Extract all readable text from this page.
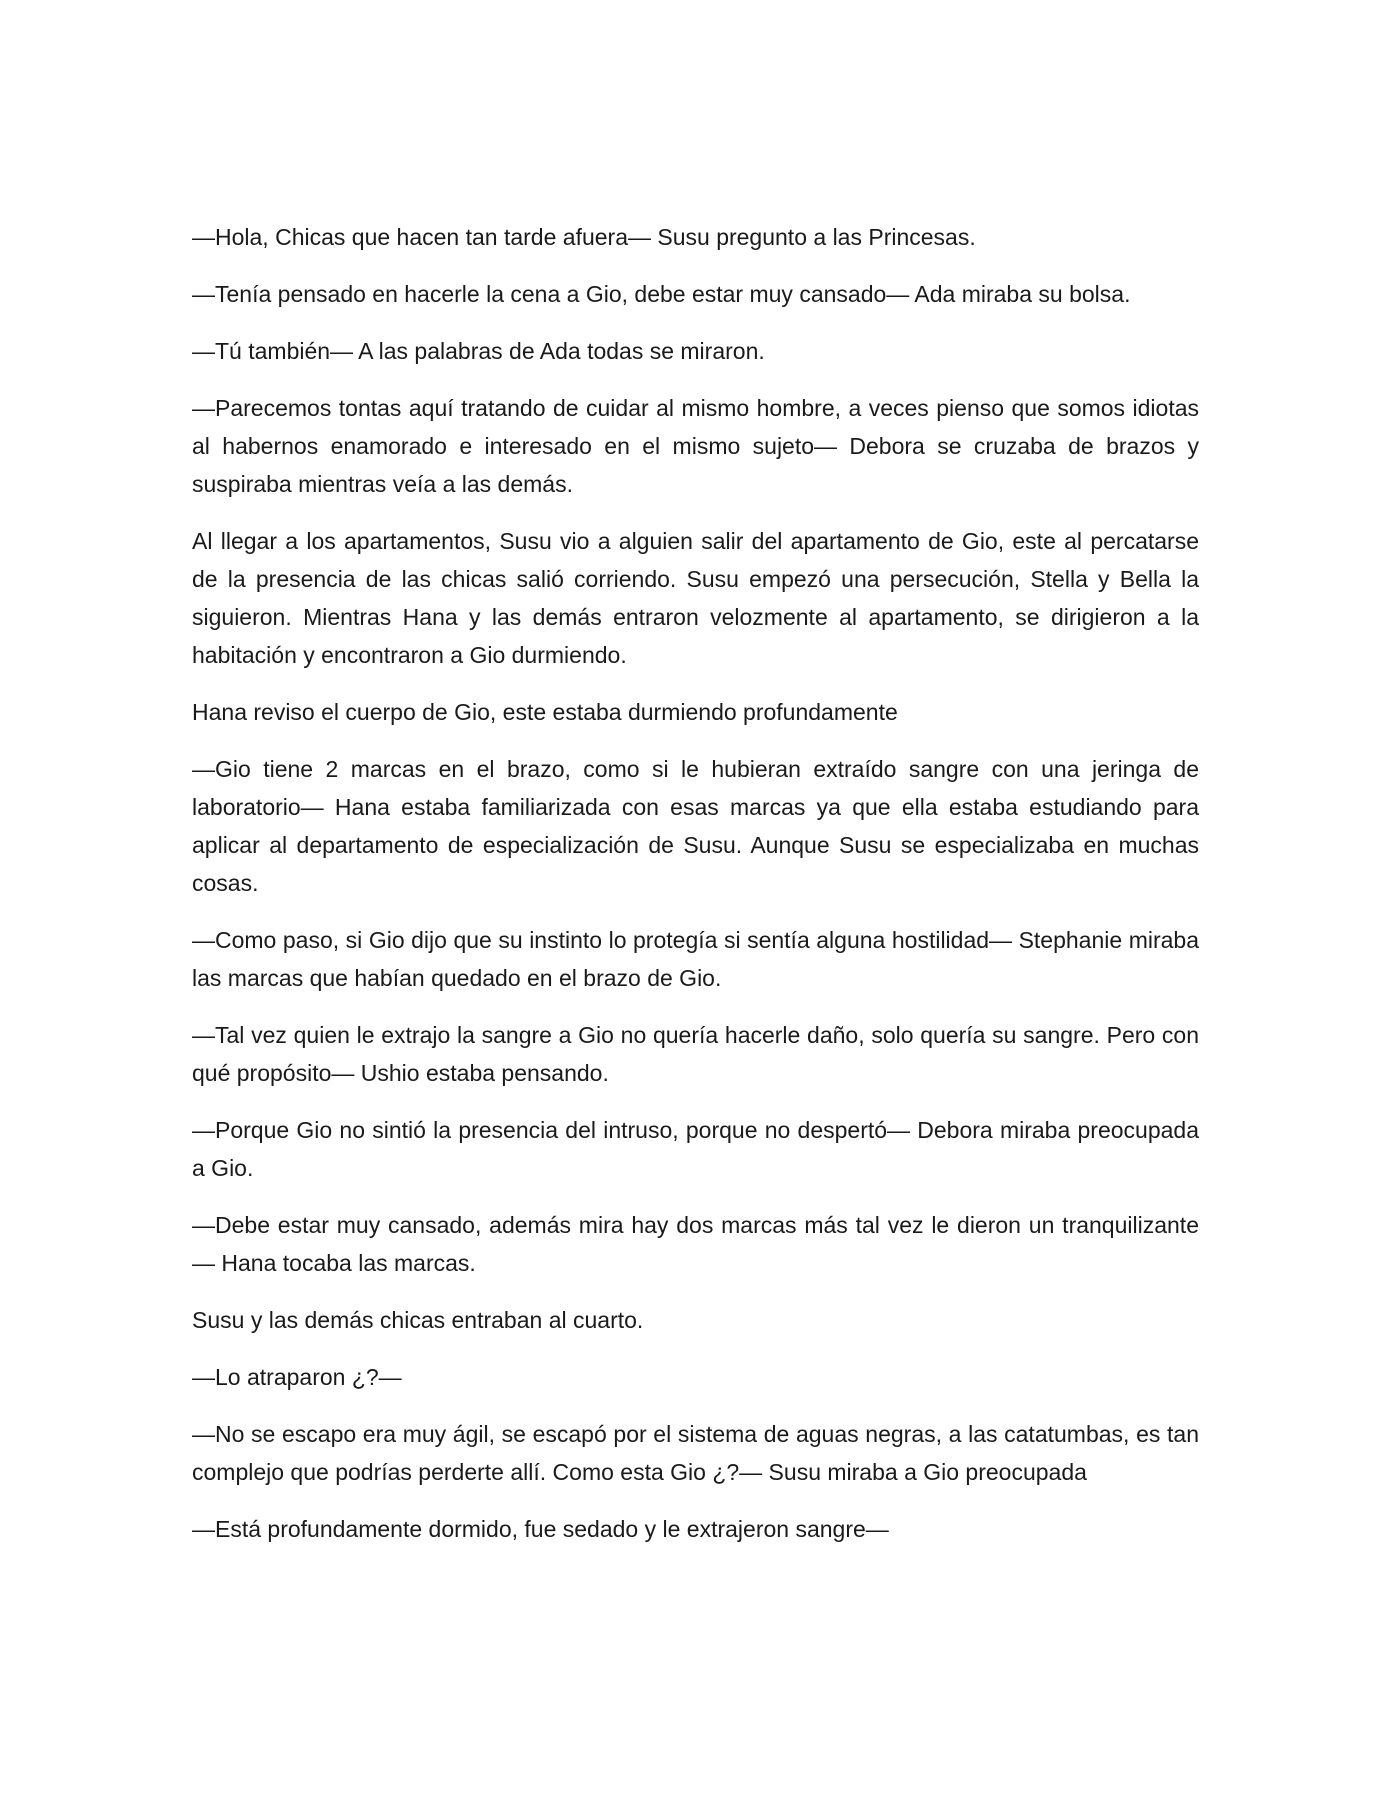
—Hola, Chicas que hacen tan tarde afuera— Susu pregunto a las Princesas.

—Tenía pensado en hacerle la cena a Gio, debe estar muy cansado— Ada miraba su bolsa.

—Tú también— A las palabras de Ada todas se miraron.

—Parecemos tontas aquí tratando de cuidar al mismo hombre, a veces pienso que somos idiotas al habernos enamorado e interesado en el mismo sujeto— Debora se cruzaba de brazos y suspiraba mientras veía a las demás.

Al llegar a los apartamentos, Susu vio a alguien salir del apartamento de Gio, este al percatarse de la presencia de las chicas salió corriendo. Susu empezó una persecución, Stella y Bella la siguieron. Mientras Hana y las demás entraron velozmente al apartamento, se dirigieron a la habitación y encontraron a Gio durmiendo.

Hana reviso el cuerpo de Gio, este estaba durmiendo profundamente

—Gio tiene 2 marcas en el brazo, como si le hubieran extraído sangre con una jeringa de laboratorio— Hana estaba familiarizada con esas marcas ya que ella estaba estudiando para aplicar al departamento de especialización de Susu. Aunque Susu se especializaba en muchas cosas.

—Como paso, si Gio dijo que su instinto lo protegía si sentía alguna hostilidad— Stephanie miraba las marcas que habían quedado en el brazo de Gio.

—Tal vez quien le extrajo la sangre a Gio no quería hacerle daño, solo quería su sangre. Pero con qué propósito— Ushio estaba pensando.

—Porque Gio no sintió la presencia del intruso, porque no despertó— Debora miraba preocupada a Gio.

—Debe estar muy cansado, además mira hay dos marcas más tal vez le dieron un tranquilizante— Hana tocaba las marcas.

Susu y las demás chicas entraban al cuarto.

—Lo atraparon ¿?—

—No se escapo era muy ágil, se escapó por el sistema de aguas negras, a las catatumbas, es tan complejo que podrías perderte allí. Como esta Gio ¿?— Susu miraba a Gio preocupada

—Está profundamente dormido, fue sedado y le extrajeron sangre—
